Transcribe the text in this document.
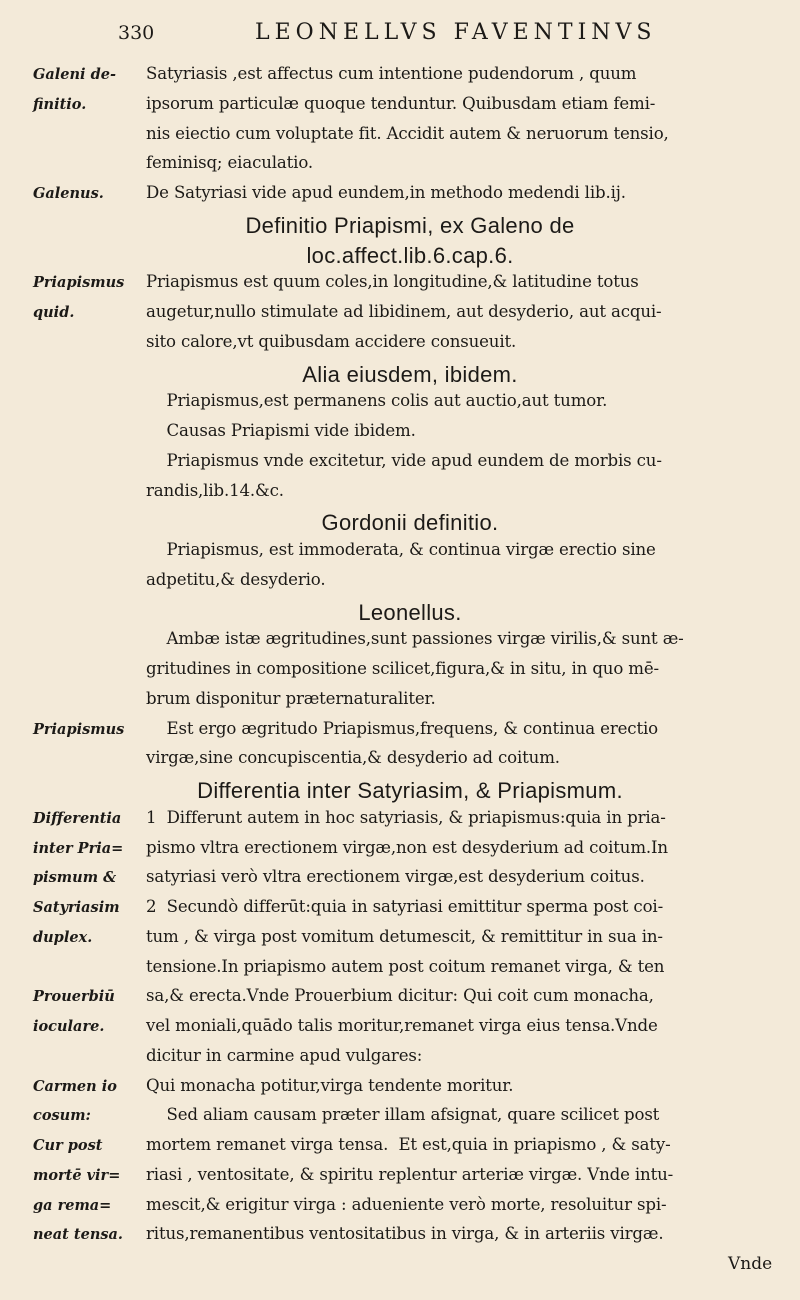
330	LEONELLVS FAVENTINVS
Galeni de-	Satyriasis ,est affectus cum intentione pudendorum , quum
finitio.	ipsorum particulæ quoque tenduntur. Quibusdam etiam femi-
nis eiectio cum voluptate fit. Accidit autem & neruorum tensio,
feminisq; eiaculatio.
Galenus.	De Satyriasi vide apud eundem,in methodo medendi lib.ij.
Definitio Priapismi, ex Galeno de
loc.affect.lib.6.cap.6.
Priapismus	Priapismus est quum coles,in longitudine,& latitudine totus
quid.	augetur,nullo stimulate ad libidinem, aut desyderio, aut acqui-
sito calore,vt quibusdam accidere consueuit.
Alia eiusdem, ibidem.
Priapismus,est permanens colis aut auctio,aut tumor.
Causas Priapismi vide ibidem.
Priapismus vnde excitetur, vide apud eundem de morbis cu-
randis,lib.14.&c.
Gordonii definitio.
Priapismus, est immoderata, & continua virgæ erectio sine
adpetitu,& desyderio.
Leonellus.
Ambæ istæ ægritudines,sunt passiones virgæ virilis,& sunt æ-
gritudines in compositione scilicet,figura,& in situ, in quo mē-
brum disponitur præternaturaliter.
Priapismus	Est ergo ægritudo Priapismus,frequens, & continua erectio
virgæ,sine concupiscentia,& desyderio ad coitum.
Differentia inter Satyriasim, & Priapismum.
Differentia	1  Differunt autem in hoc satyriasis, & priapismus:quia in pria-
inter Pria=	pismo vltra erectionem virgæ,non est desyderium ad coitum.In
pismum &	satyriasi verò vltra erectionem virgæ,est desyderium coitus.
Satyriasim	2  Secundò differūt:quia in satyriasi emittitur sperma post coi-
duplex.	tum , & virga post vomitum detumescit, & remittitur in sua in-
tensione.In priapismo autem post coitum remanet virga, & ten
Prouerbiū	sa,& erecta.Vnde Prouerbium dicitur: Qui coit cum monacha,
ioculare.	vel moniali,quādo talis moritur,remanet virga eius tensa.Vnde
dicitur in carmine apud vulgares:
Carmen io	Qui monacha potitur,virga tendente moritur.
cosum:	Sed aliam causam præter illam afsignat, quare scilicet post
Cur post	mortem remanet virga tensa.  Et est,quia in priapismo , & saty-
mortē vir=	riasi , ventositate, & spiritu replentur arteriæ virgæ. Vnde intu-
ga rema=	mescit,& erigitur virga : adueniente verò morte, resoluitur spi-
neat tensa.	ritus,remanentibus ventositatibus in virga, & in arteriis virgæ.
Vnde
